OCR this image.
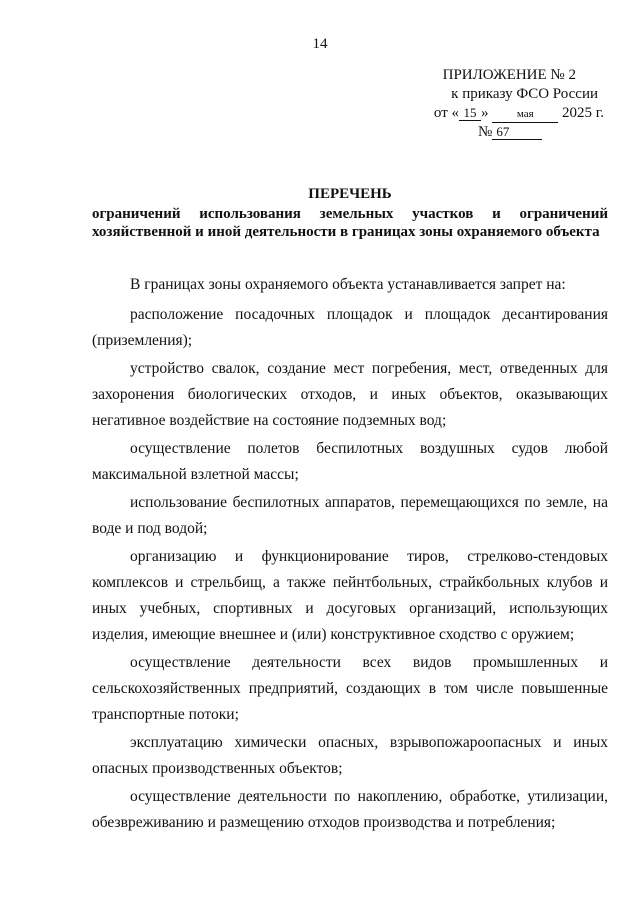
14
ПРИЛОЖЕНИЕ № 2
к приказу ФСО России
от « 15 »	мая 2025 г.
№ 67
ПЕРЕЧЕНЬ
ограничений использования земельных участков и ограничений
хозяйственной и иной деятельности в границах зоны охраняемого объекта

В границах зоны охраняемого объекта устанавливается запрет на:

расположение посадочных площадок и площадок десантирования (приземления);

устройство свалок, создание мест погребения, мест, отведенных для захоронения биологических отходов, и иных объектов, оказывающих негативное воздействие на состояние подземных вод;

осуществление полетов беспилотных воздушных судов любой максимальной взлетной массы;

использование беспилотных аппаратов, перемещающихся по земле, на воде и под водой;

организацию и функционирование тиров, стрелково-стендовых комплексов и стрельбищ, а также пейнтбольных, страйкбольных клубов и иных учебных, спортивных и досуговых организаций, использующих изделия, имеющие внешнее и (или) конструктивное сходство с оружием;

осуществление деятельности всех видов промышленных и сельскохозяйственных предприятий, создающих в том числе повышенные транспортные потоки;

эксплуатацию химически опасных, взрывопожароопасных и иных опасных производственных объектов;

осуществление деятельности по накоплению, обработке, утилизации, обезвреживанию и размещению отходов производства и потребления;
